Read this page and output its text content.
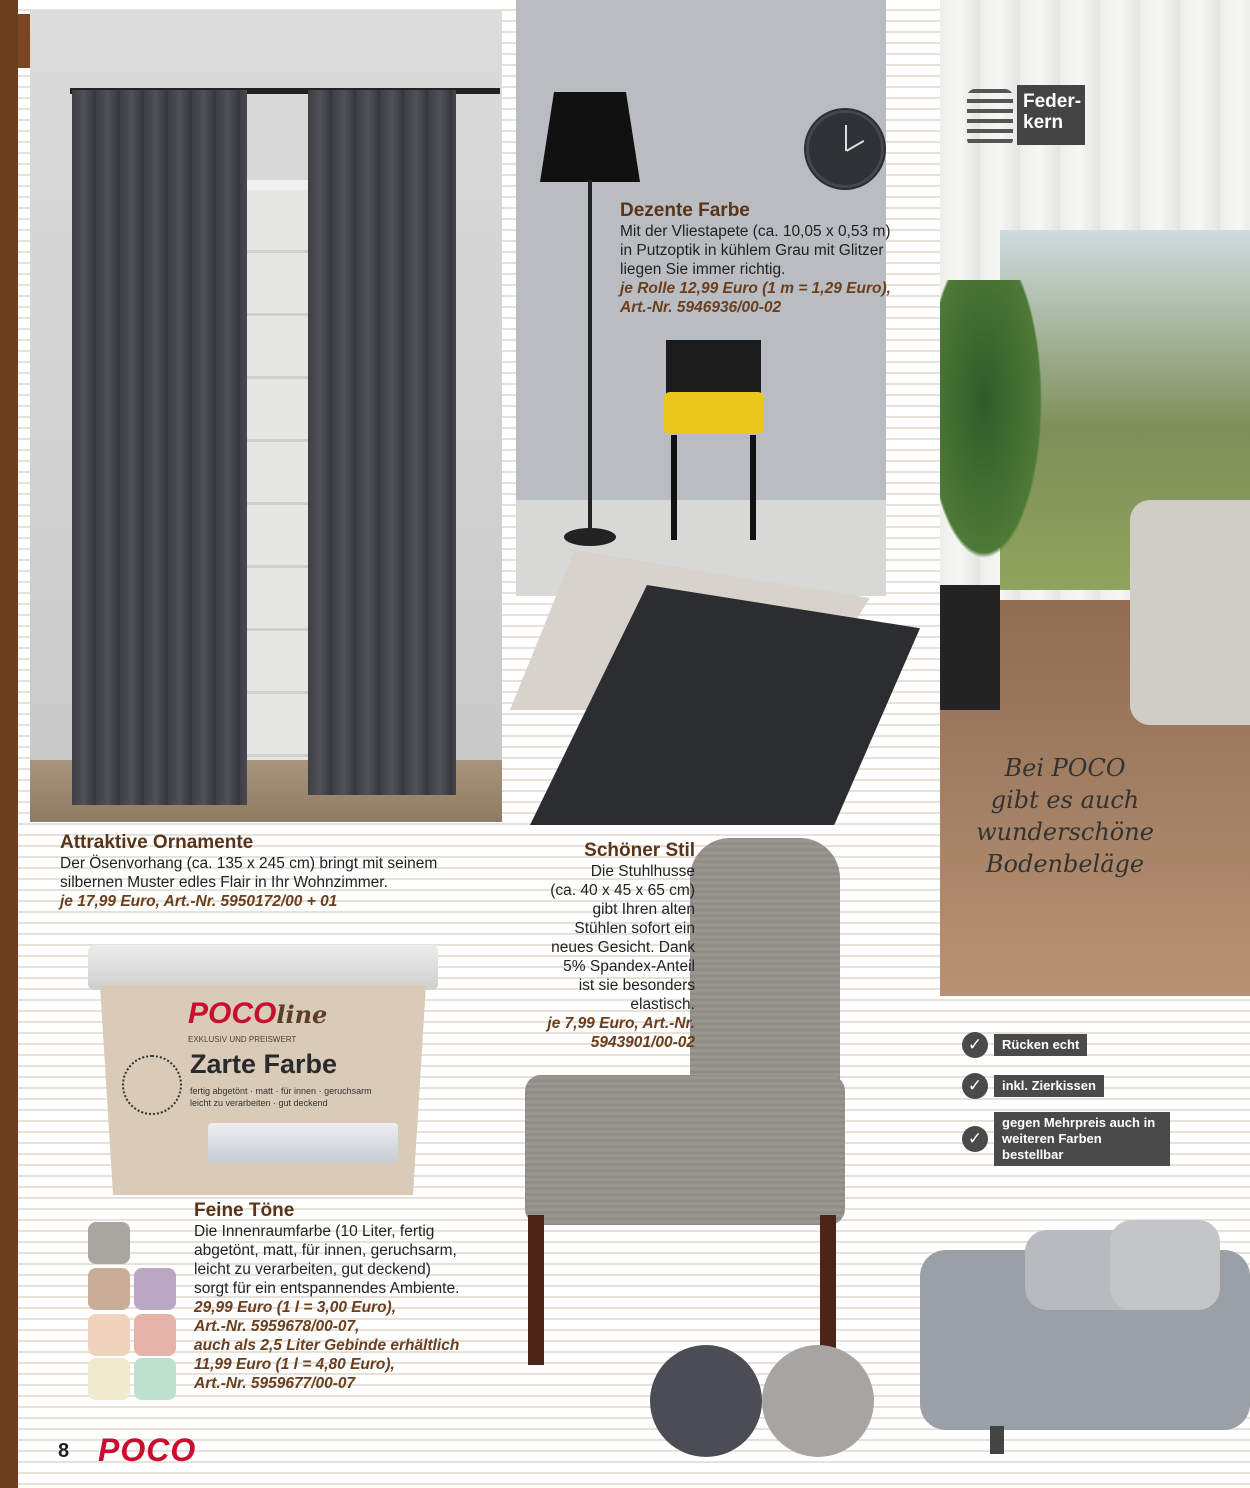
Feder-
kern
Bei POCO
gibt es auch
wunderschöne
Bodenbeläge
Attraktive Ornamente
Der Ösenvorhang (ca. 135 x 245 cm) bringt mit seinem
silbernen Muster edles Flair in Ihr Wohnzimmer.
je 17,99 Euro, Art.-Nr. 5950172/00 + 01
Dezente Farbe
Mit der Vliestapete (ca. 10,05 x 0,53 m)
in Putzoptik in kühlem Grau mit Glitzer
liegen Sie immer richtig.
je Rolle 12,99 Euro (1 m = 1,29 Euro),
Art.-Nr. 5946936/00-02
POCOline
EXKLUSIV UND PREISWERT
Zarte Farbe
fertig abgetönt · matt · für innen · geruchsarm
leicht zu verarbeiten · gut deckend
Feine Töne
Die Innenraumfarbe (10 Liter, fertig
abgetönt, matt, für innen, geruchsarm,
leicht zu verarbeiten, gut deckend)
sorgt für ein entspannendes Ambiente.
29,99 Euro (1 l = 3,00 Euro),
Art.-Nr. 5959678/00-07,
auch als 2,5 Liter Gebinde erhältlich
11,99 Euro (1 l = 4,80 Euro),
Art.-Nr. 5959677/00-07
Schöner Stil
Die Stuhlhusse
(ca. 40 x 45 x 65 cm)
gibt Ihren alten
Stühlen sofort ein
neues Gesicht. Dank
5% Spandex-Anteil
ist sie besonders
elastisch.
je 7,99 Euro, Art.-Nr.
5943901/00-02	✓	Rücken echt
✓	inkl. Zierkissen
✓
gegen Mehrpreis auch in weiteren Farben bestellbar
8 POCO
